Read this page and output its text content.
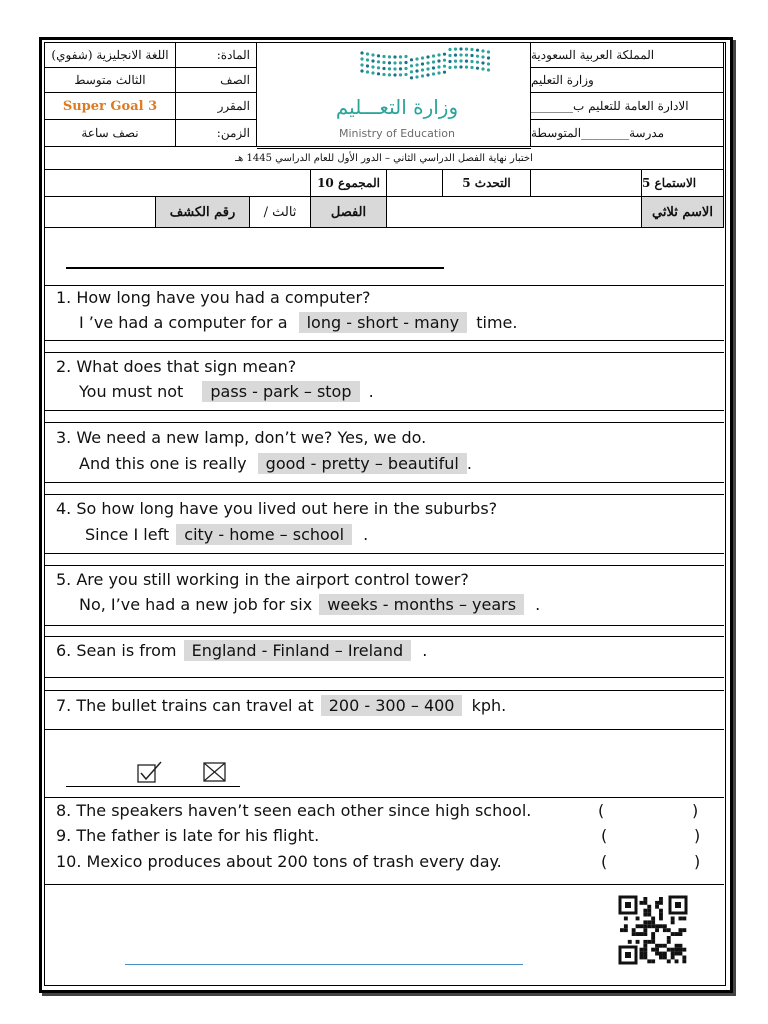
اللغة الانجليزية (شفوي)	المادة:
الثالث متوسط	الصف
Super Goal 3	المقرر
نصف ساعة	الزمن:
وزارة التعـــليم
Ministry of Education
المملكة العربية السعودية
وزارة التعليم
الادارة العامة للتعليم ب_______
مدرسة________المتوسطة
اختبار نهاية الفصل الدراسي الثاني – الدور الأول للعام الدراسي 1445 هـ
المجموع 10	التحدث 5	الاستماع 5
رقم الكشف	ثالث /	الفصل	الاسم ثلاثي
1. How long have you had a computer?
I ’ve had a computer for a long - short - many time.
2. What does that sign mean?
You must not pass - park – stop .
3. We need a new lamp, don’t we? Yes, we do.
And this one is really good - pretty – beautiful .
4. So how long have you lived out here in the suburbs?
Since I left city - home – school .
5. Are you still working in the airport control tower?
No, I’ve had a new job for six weeks - months – years .
6. Sean is from England - Finland – Ireland .
7. The bullet trains can travel at 200 - 300 – 400 kph.
8. The speakers haven’t seen each other since high school.	(	)
9. The father is late for his flight.	(	)
10. Mexico produces about 200 tons of trash every day.	(	)
